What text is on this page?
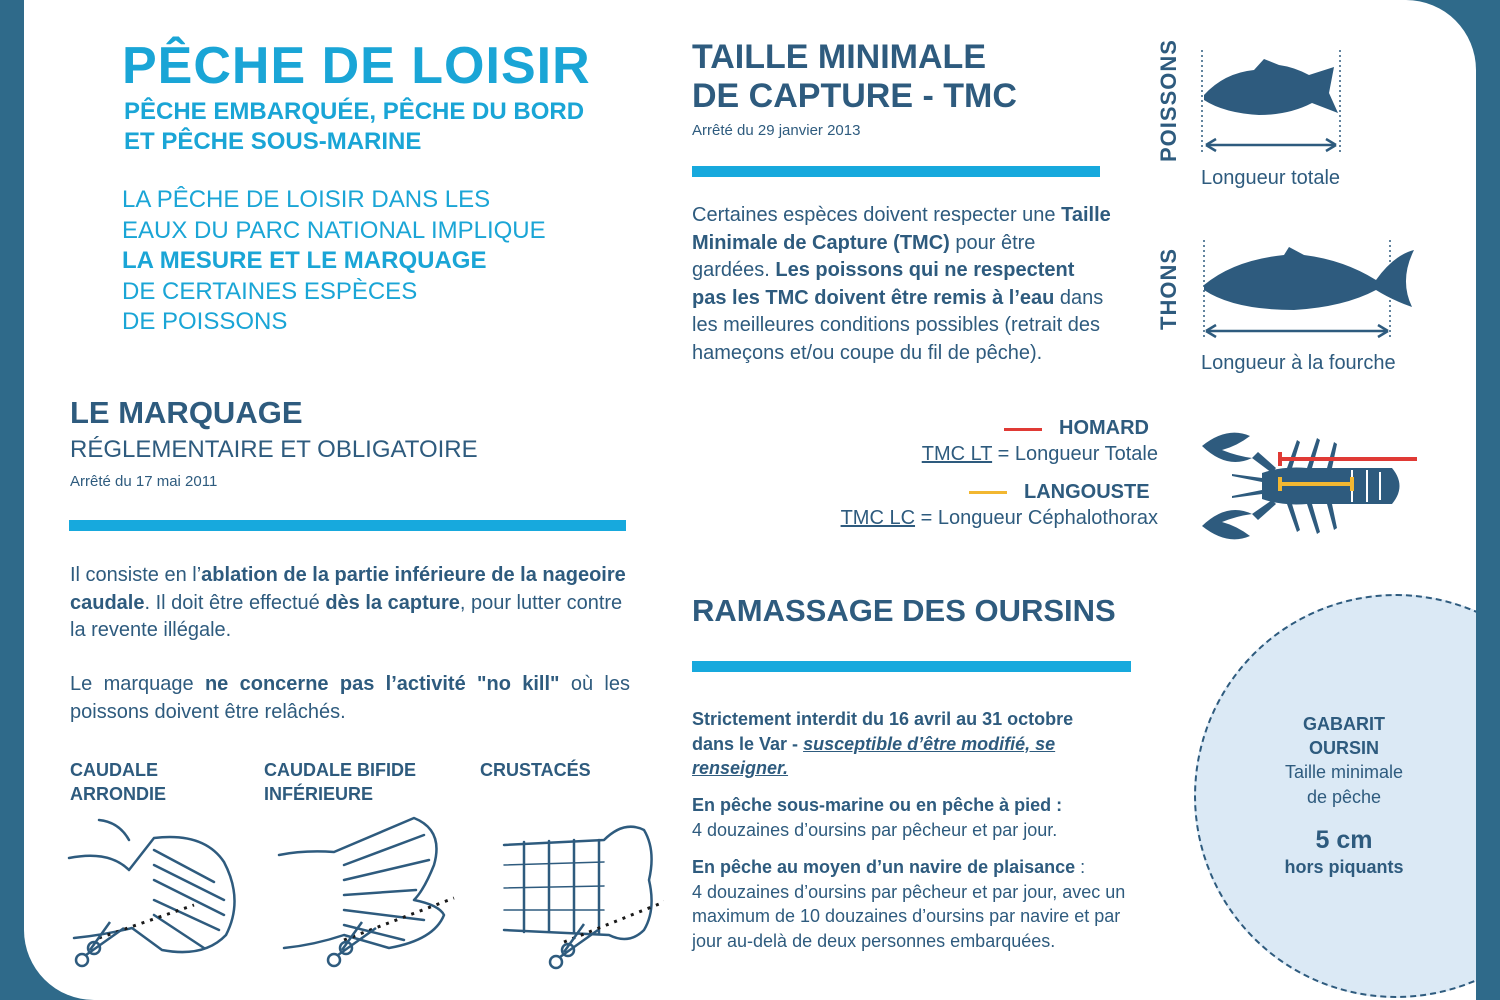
PÊCHE DE LOISIR
PÊCHE EMBARQUÉE, PÊCHE DU BORD
ET PÊCHE SOUS-MARINE
LA PÊCHE DE LOISIR DANS LES
EAUX DU PARC NATIONAL IMPLIQUE
LA MESURE ET LE MARQUAGE
DE CERTAINES ESPÈCES
DE POISSONS
LE MARQUAGE
RÉGLEMENTAIRE ET OBLIGATOIRE
Arrêté du 17 mai 2011
Il consiste en l’ablation de la partie inférieure de la nageoire caudale. Il doit être effectué dès la capture, pour lutter contre la revente illégale.
Le marquage ne concerne pas l’activité "no kill" où les poissons doivent être relâchés.
CAUDALE
ARRONDIE
CAUDALE BIFIDE
INFÉRIEURE
CRUSTACÉS
TAILLE MINIMALE
DE CAPTURE - TMC
Arrêté du 29 janvier 2013
Certaines espèces doivent respecter une Taille Minimale de Capture (TMC) pour être gardées. Les poissons qui ne respectent pas les TMC doivent être remis à l’eau dans les meilleures conditions possibles (retrait des hameçons et/ou coupe du fil de pêche).
HOMARD
TMC LT = Longueur Totale
LANGOUSTE
TMC LC = Longueur Céphalothorax
POISSONS
Longueur totale
THONS
Longueur à la fourche
RAMASSAGE DES OURSINS
Strictement interdit du 16 avril au 31 octobre dans le Var - susceptible d’être modifié, se renseigner.
En pêche sous-marine ou en pêche à pied :
4 douzaines d’oursins par pêcheur et par jour.
En pêche au moyen d’un navire de plaisance :
4 douzaines d’oursins par pêcheur et par jour, avec un maximum de 10 douzaines d’oursins par navire et par jour au-delà de deux personnes embarquées.
GABARIT
OURSIN
Taille minimale
de pêche
5 cm
hors piquants
